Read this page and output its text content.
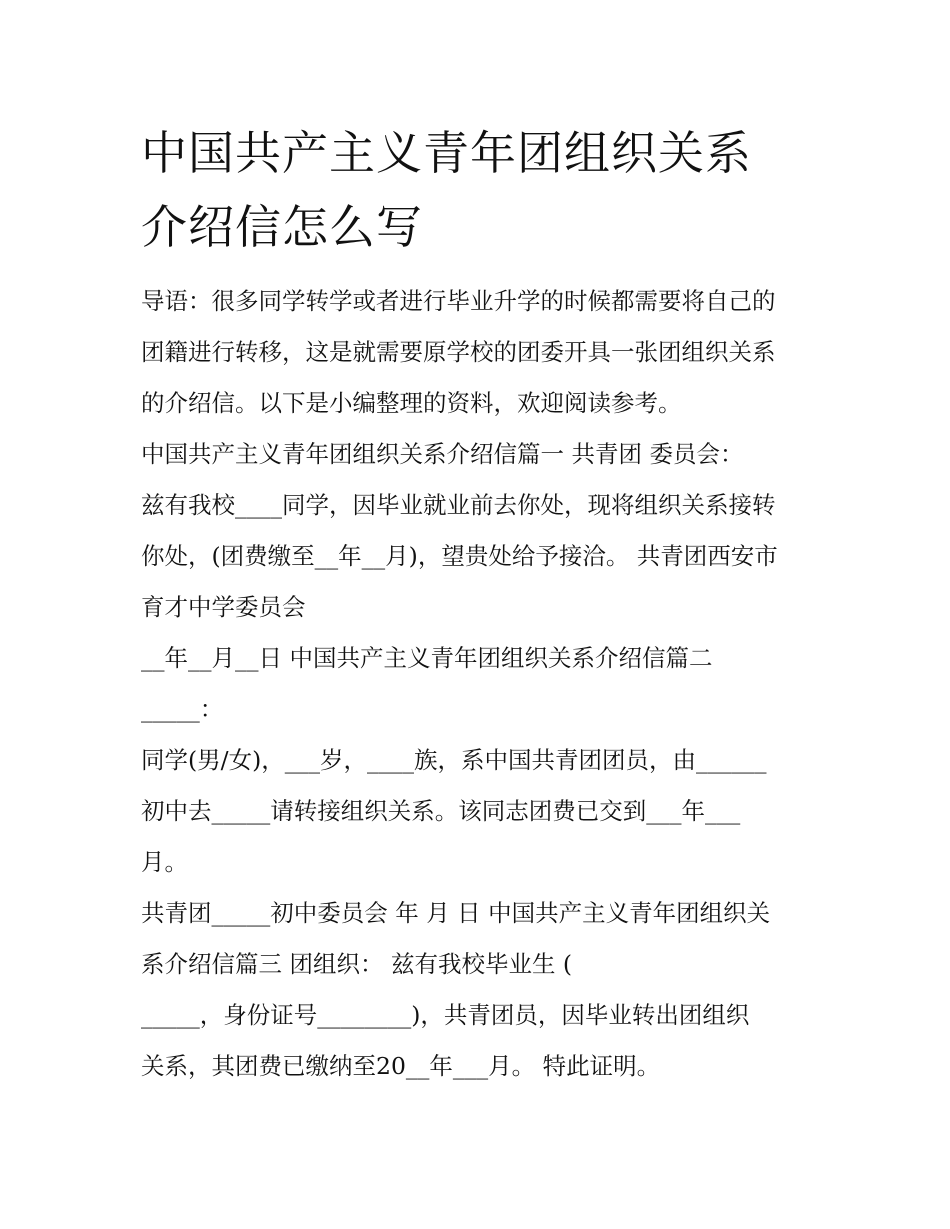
中国共产主义青年团组织关系
介绍信怎么写
导语：很多同学转学或者进行毕业升学的时候都需要将自己的
团籍进行转移，这是就需要原学校的团委开具一张团组织关系
的介绍信。以下是小编整理的资料，欢迎阅读参考。
中国共产主义青年团组织关系介绍信篇一 共青团 委员会：
兹有我校____同学，因毕业就业前去你处，现将组织关系接转
你处，(团费缴至__年__月)，望贵处给予接洽。 共青团西安市
育才中学委员会
__年__月__日 中国共产主义青年团组织关系介绍信篇二
_____：
同学(男/女)，___岁，____族，系中国共青团团员，由______
初中去_____请转接组织关系。该同志团费已交到___年___
月。
共青团_____初中委员会 年 月 日 中国共产主义青年团组织关
系介绍信篇三 团组织： 兹有我校毕业生 (
_____，身份证号________)，共青团员，因毕业转出团组织
关系，其团费已缴纳至20__年___月。 特此证明。
